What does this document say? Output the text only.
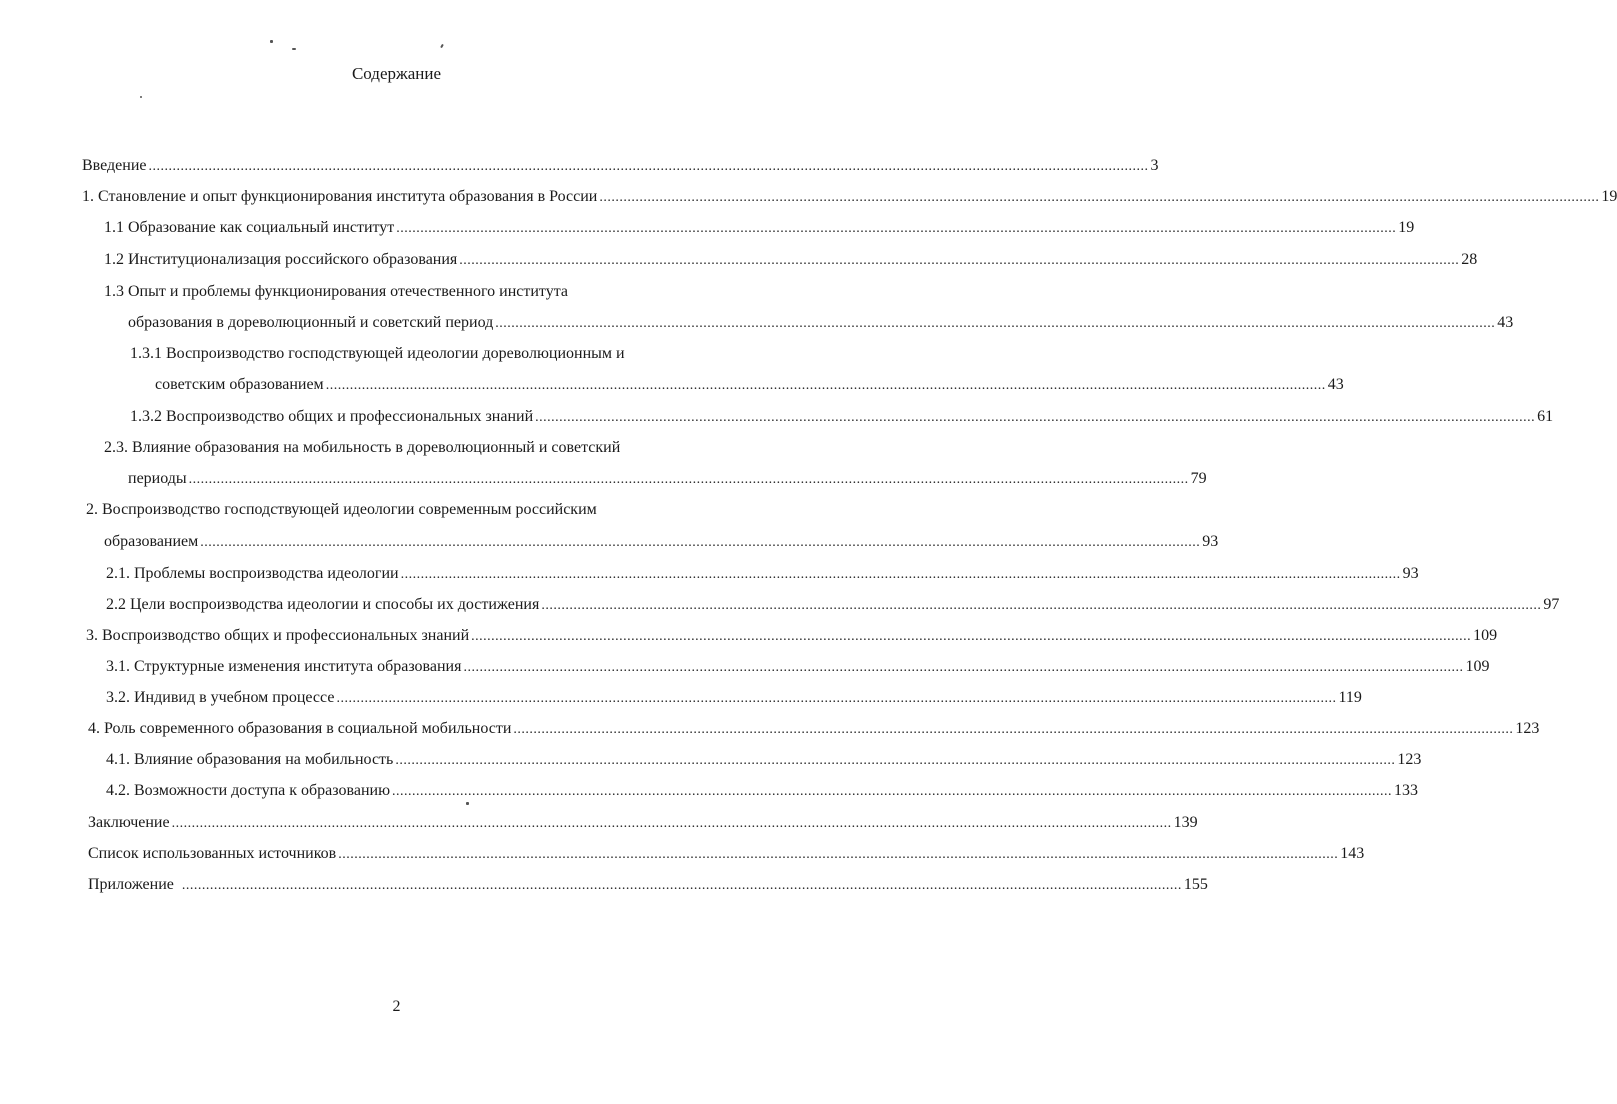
Содержание
Введение .......................................................................................................................................................................................................................................................... 3
1. Становление и опыт функционирования института образования в России .......................................................................................................................................................................................................................................................... 19
1.1 Образование как социальный институт .......................................................................................................................................................................................................................................................... 19
1.2 Институционализация российского образования .......................................................................................................................................................................................................................................................... 28
1.3 Опыт и проблемы функционирования отечественного института
образования в дореволюционный и советский период .......................................................................................................................................................................................................................................................... 43
1.3.1 Воспроизводство господствующей идеологии дореволюционным и
советским образованием .......................................................................................................................................................................................................................................................... 43
1.3.2 Воспроизводство общих и профессиональных знаний .......................................................................................................................................................................................................................................................... 61
2.3. Влияние образования на мобильность в дореволюционный и советский
периоды .......................................................................................................................................................................................................................................................... 79
2. Воспроизводство господствующей идеологии современным российским
образованием .......................................................................................................................................................................................................................................................... 93
2.1. Проблемы воспроизводства идеологии .......................................................................................................................................................................................................................................................... 93
2.2 Цели воспроизводства идеологии и способы их достижения .......................................................................................................................................................................................................................................................... 97
3. Воспроизводство общих и профессиональных знаний .......................................................................................................................................................................................................................................................... 109
3.1. Структурные изменения института образования .......................................................................................................................................................................................................................................................... 109
3.2. Индивид в учебном процессе .......................................................................................................................................................................................................................................................... 119
4. Роль современного образования в социальной мобильности .......................................................................................................................................................................................................................................................... 123
4.1. Влияние образования на мобильность .......................................................................................................................................................................................................................................................... 123
4.2. Возможности доступа к образованию .......................................................................................................................................................................................................................................................... 133
Заключение .......................................................................................................................................................................................................................................................... 139
Список использованных источников .......................................................................................................................................................................................................................................................... 143
Приложение .......................................................................................................................................................................................................................................................... 155
2
